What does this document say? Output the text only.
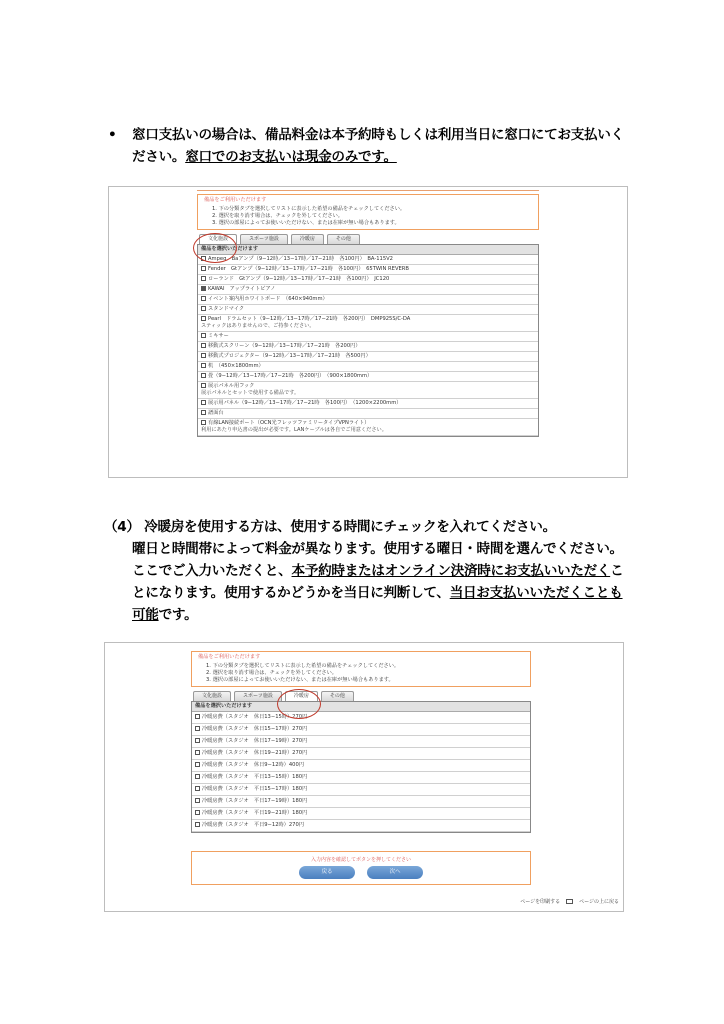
• 窓口支払いの場合は、備品料金は本予約時もしくは利用当日に窓口にてお支払いください。窓口でのお支払いは現金のみです。
備品をご利用いただけます
1. 下の分類タブを選択してリストに表示した希望の備品をチェックしてください。
2. 選択を取り消す場合は、チェックを外してください。
3. 選択の部屋によってお使いいただけない、または在庫が無い場合もあります。
文化施設	スポーツ施設	冷暖房	その他
備品を選択いただけます
Ampeg　Baアンプ（9−12時／13−17時／17−21時　各100円）　BA-115V2
Fender　Gtアンプ（9−12時／13−17時／17−21時　各100円）　65TWIN REVERB
ローランド　Gtアンプ（9−12時／13−17時／17−21時　各100円）　JC120
KAWAI　アップライトピアノ
イベント案内用ホワイトボード　（640×940mm）
スタンドマイク
Pearl　ドラムセット（9−12時／13−17時／17−21時　各200円）　DMP925S/C-DA
スティックはありませんので、ご持参ください。
ミキサー
移動式スクリーン（9−12時／13−17時／17−21時　各200円）
移動式プロジェクター（9−12時／13−17時／17−21時　各500円）
机　（450×1800mm）
畳（9−12時／13−17時／17−21時　各200円）　（900×1800mm）
展示パネル用フック
展示パネルとセットで使用する備品です。
展示用パネル（9−12時／13−17時／17−21時　各100円）　（1200×2200mm）
譜面台
有線LAN接続ポート（OCN光フレッツファミリータイプVPNライト）
利用にあたり申込書の提出が必要です。LANケーブルは各自でご用意ください。
（4） 冷暖房を使用する方は、使用する時間にチェックを入れてください。
曜日と時間帯によって料金が異なります。使用する曜日・時間を選んでください。ここでご入力いただくと、本予約時またはオンライン決済時にお支払いいただくことになります。使用するかどうかを当日に判断して、当日お支払いいただくことも可能です。
備品をご利用いただけます
1. 下の分類タブを選択してリストに表示した希望の備品をチェックしてください。
2. 選択を取り消す場合は、チェックを外してください。
3. 選択の部屋によってお使いいただけない、または在庫が無い場合もあります。
文化施設	スポーツ施設	冷暖房	その他
備品を選択いただけます
冷暖房費（スタジオ　休日13−15時）270円
冷暖房費（スタジオ　休日15−17時）270円
冷暖房費（スタジオ　休日17−19時）270円
冷暖房費（スタジオ　休日19−21時）270円
冷暖房費（スタジオ　休日9−12時）400円
冷暖房費（スタジオ　平日13−15時）180円
冷暖房費（スタジオ　平日15−17時）180円
冷暖房費（スタジオ　平日17−19時）180円
冷暖房費（スタジオ　平日19−21時）180円
冷暖房費（スタジオ　平日9−12時）270円
入力内容を確認してボタンを押してください
戻る	次へ
ページを印刷する	ページの上に戻る
